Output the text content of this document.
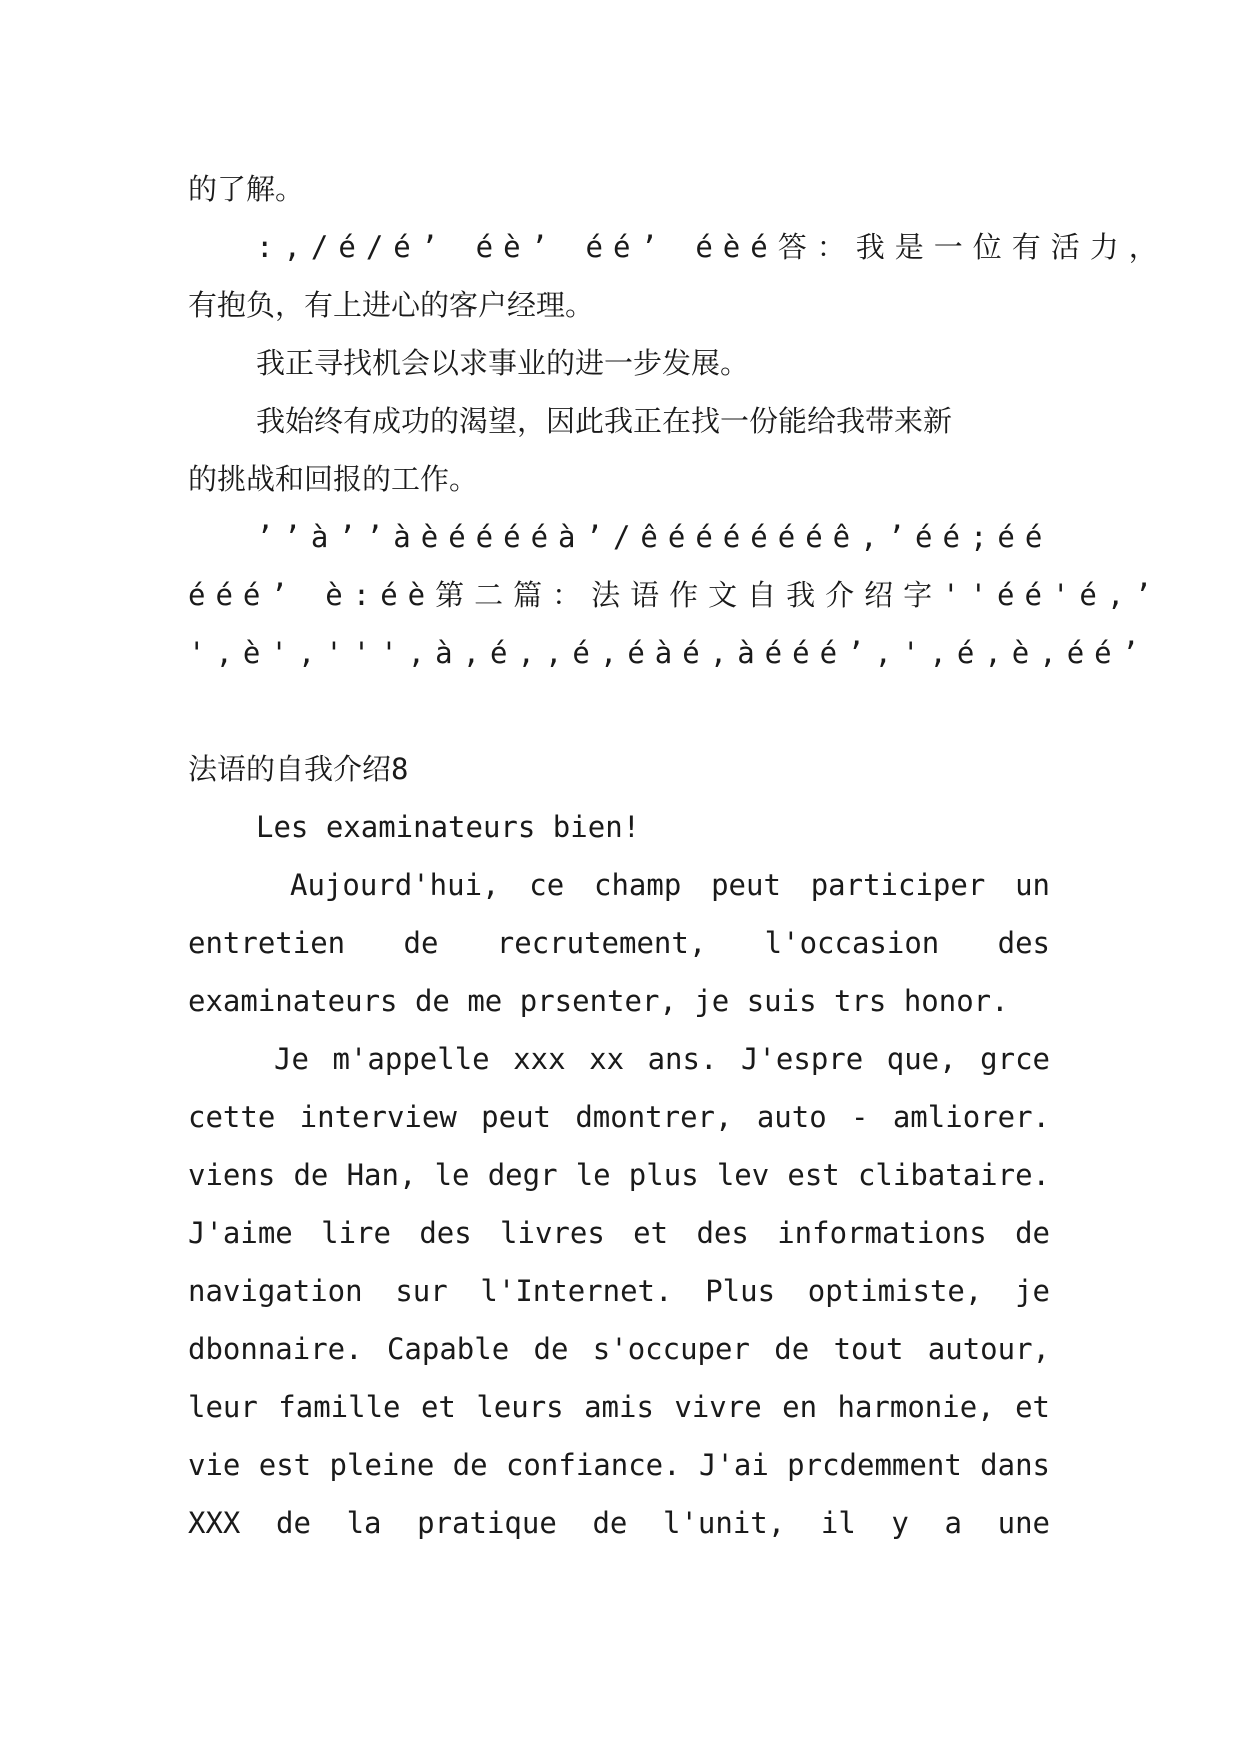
的了解。
:,/é/é’ éè’ éé’ éèé答：我是一位有活力，
有抱负，有上进心的客户经理。
我正寻找机会以求事业的进一步发展。
我始终有成功的渴望，因此我正在找一份能给我带来新
的挑战和回报的工作。
’’à’’àèééééà’/êééééééê,’éé;éé
ééé’ è:éè第二篇：法语作文自我介绍字''éé'é,’
',è',''',à,é,,é,éàé,àééé’,',é,è,éé’
法语的自我介绍8
Les examinateurs bien!
Aujourd'hui, ce champ peut participer un
entretien de recrutement, l'occasion des
examinateurs de me prsenter, je suis trs honor.
Je m'appelle xxx xx ans. J'espre que, grce
cette interview peut dmontrer, auto - amliorer.
viens de Han, le degr le plus lev est clibataire.
J'aime lire des livres et des informations de
navigation sur l'Internet. Plus optimiste, je
dbonnaire. Capable de s'occuper de tout autour,
leur famille et leurs amis vivre en harmonie, et
vie est pleine de confiance. J'ai prcdemment dans
XXX de la pratique de l'unit, il y a une
